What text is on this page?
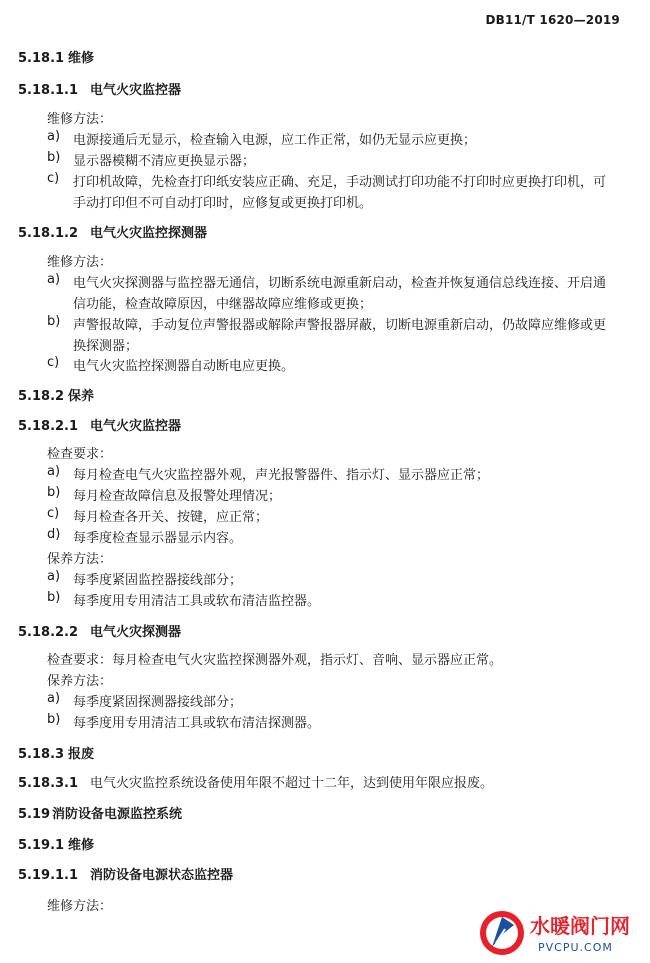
DB11/T 1620—2019
5.18.1 维修
5.18.1.1 电气火灾监控器
维修方法：
a) 电源接通后无显示，检查输入电源，应工作正常，如仍无显示应更换；
b) 显示器模糊不清应更换显示器；
c) 打印机故障，先检查打印纸安装应正确、充足，手动测试打印功能不打印时应更换打印机，可
手动打印但不可自动打印时，应修复或更换打印机。
5.18.1.2 电气火灾监控探测器
维修方法：
a) 电气火灾探测器与监控器无通信，切断系统电源重新启动，检查并恢复通信总线连接、开启通
信功能，检查故障原因，中继器故障应维修或更换；
b) 声警报故障，手动复位声警报器或解除声警报器屏蔽，切断电源重新启动，仍故障应维修或更
换探测器；
c) 电气火灾监控探测器自动断电应更换。
5.18.2 保养
5.18.2.1 电气火灾监控器
检查要求：
a) 每月检查电气火灾监控器外观，声光报警器件、指示灯、显示器应正常；
b) 每月检查故障信息及报警处理情况；
c) 每月检查各开关、按键，应正常；
d) 每季度检查显示器显示内容。
保养方法：
a) 每季度紧固监控器接线部分；
b) 每季度用专用清洁工具或软布清洁监控器。
5.18.2.2 电气火灾探测器
检查要求：每月检查电气火灾监控探测器外观，指示灯、音响、显示器应正常。
保养方法：
a) 每季度紧固探测器接线部分；
b) 每季度用专用清洁工具或软布清洁探测器。
5.18.3 报废
5.18.3.1 电气火灾监控系统设备使用年限不超过十二年，达到使用年限应报废。
5.19 消防设备电源监控系统
5.19.1 维修
5.19.1.1 消防设备电源状态监控器
维修方法：
水暖阀门网
PVCPU.COM
